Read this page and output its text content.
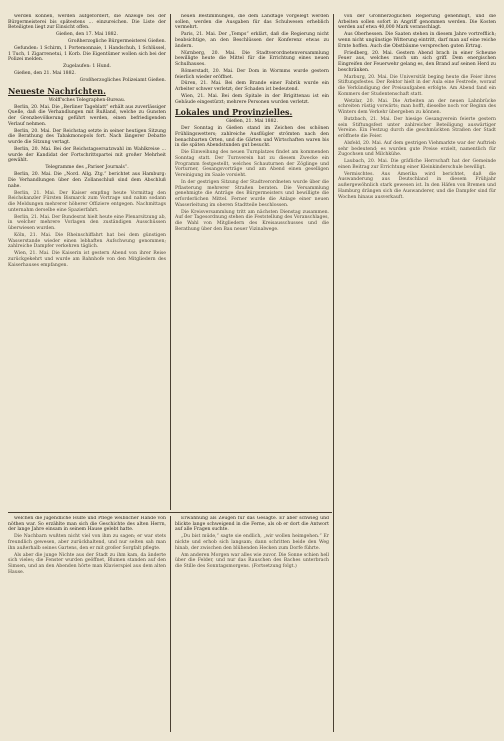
werden können, werden aufgefordert, die Anzeige bei der Bürgermeisterei bis spätestens ... einzureichen. Die Liste der Beteiligten liegt zur Einsicht offen.

Gießen, den 17. Mai 1882.

Großherzogliche Bürgermeisterei Gießen.

Gefunden: 1 Schirm, 1 Portemonnaie, 1 Handschuh, 1 Schlüssel, 1 Tuch, 1 Zigarrenetui, 1 Korb. Die Eigentümer wollen sich bei der Polizei melden.

Zugelaufen: 1 Hund.

Gießen, den 21. Mai 1882.

Großherzogliches Polizeiamt Gießen.

Neueste Nachrichten.

Wolff'sches Telegraphen-Bureau.

Berlin, 20. Mai. Die „Berliner Tageblatt“ erhält aus zuverlässiger Quelle, daß die Verhandlungen mit Rußland, welche zu Gunsten der Grenzbevölkerung geführt werden, einen befriedigenden Verlauf nehmen.

Berlin, 20. Mai. Der Reichstag setzte in seiner heutigen Sitzung die Berathung des Tabakmonopols fort. Nach längerer Debatte wurde die Sitzung vertagt.

Berlin, 20. Mai. Bei der Reichstagsersatzwahl im Wahlkreise ... wurde der Kandidat der Fortschrittspartei mit großer Mehrheit gewählt.

Telegramme des „Pariser Journals“.

Berlin, 20. Mai. Die „Nord. Allg. Ztg.“ berichtet aus Hamburg: Die Verhandlungen über den Zollanschluß sind dem Abschluß nahe.

Berlin, 21. Mai. Der Kaiser empfing heute Vormittag den Reichskanzler Fürsten Bismarck zum Vortrage und nahm sodann die Meldungen mehrerer höherer Offiziere entgegen. Nachmittags unternahm derselbe eine Spazierfahrt.

Berlin, 21. Mai. Der Bundesrat hielt heute eine Plenarsitzung ab, in welcher mehrere Vorlagen den zuständigen Ausschüssen überwiesen wurden.

Köln, 21. Mai. Die Rheinschiffahrt hat bei dem günstigen Wasserstande wieder einen lebhaften Aufschwung genommen; zahlreiche Dampfer verkehren täglich.

Wien, 21. Mai. Die Kaiserin ist gestern Abend von ihrer Reise zurückgekehrt und wurde am Bahnhofe von den Mitgliedern des Kaiserhauses empfangen.

neuen Bestimmungen, die dem Landtage vorgelegt werden sollen, werden die Ausgaben für das Schulwesen erheblich vermehrt.

Paris, 21. Mai. Der „Temps“ erklärt, daß die Regierung nicht beabsichtige, an den Beschlüssen der Konferenz etwas zu ändern.

Nürnberg, 20. Mai. Die Stadtverordnetenversammlung bewilligte heute die Mittel für die Errichtung eines neuen Schulhauses.

Römerstadt, 20. Mai. Der Dom in Wormms wurde gestern feierlich wieder eröffnet.

Düren, 21. Mai. Bei dem Brande einer Fabrik wurde ein Arbeiter schwer verletzt; der Schaden ist bedeutend.

Wien, 21. Mai. Bei dem Spitale in der Brigittenau ist ein Gebäude eingestürzt; mehrere Personen wurden verletzt.

Lokales und Provinzielles.

Gießen, 21. Mai 1882.

Der Sonntag in Gießen stand im Zeichen des schönen Frühlingswetters; zahlreiche Ausflügler strömten nach den benachbarten Orten, und die Gärten und Wirtschaften waren bis in die späten Abendstunden gut besucht.

Die Einweihung des neuen Turnplatzes findet am kommenden Sonntag statt. Der Turnverein hat zu diesem Zwecke ein Programm festgestellt, welches Schauturnen der Zöglinge und Vorturner, Gesangsvorträge und am Abend einen geselligen Vereinigung im Saale vorsieht.

In der gestrigen Sitzung der Stadtverordneten wurde über die Pflasterung mehrerer Straßen beraten. Die Versammlung genehmigte die Anträge des Bürgermeisters und bewilligte die erforderlichen Mittel. Ferner wurde die Anlage einer neuen Wasserleitung im oberen Stadtteile beschlossen.

Die Kreisversammlung tritt am nächsten Dienstag zusammen. Auf der Tagesordnung stehen die Feststellung des Voranschlages, die Wahl von Mitgliedern des Kreisausschusses und die Berathung über den Bau neuer Vizinalwege.

von der Großherzoglichen Regierung genehmigt, und die Arbeiten sollen sofort in Angriff genommen werden. Die Kosten werden auf etwa 40,000 Mark veranschlagt.

Aus Oberhessen. Die Saaten stehen in diesem Jahre vortrefflich; wenn nicht ungünstige Witterung eintritt, darf man auf eine reiche Ernte hoffen. Auch die Obstbäume versprechen guten Ertrag.

Friedberg, 20. Mai. Gestern Abend brach in einer Scheune Feuer aus, welches rasch um sich griff. Dem energischen Eingreifen der Feuerwehr gelang es, den Brand auf seinen Herd zu beschränken.

Marburg, 20. Mai. Die Universität beging heute die Feier ihres Stiftungsfestes. Der Rektor hielt in der Aula eine Festrede, worauf die Verkündigung der Preisaufgaben erfolgte. Am Abend fand ein Kommers der Studentenschaft statt.

Wetzlar, 20. Mai. Die Arbeiten an der neuen Lahnbrücke schreiten rüstig vorwärts; man hofft, dieselbe noch vor Beginn des Winters dem Verkehr übergeben zu können.

Butzbach, 21. Mai. Der hiesige Gesangverein feierte gestern sein Stiftungsfest unter zahlreicher Beteiligung auswärtiger Vereine. Ein Festzug durch die geschmückten Straßen der Stadt eröffnete die Feier.

Alsfeld, 20. Mai. Auf dem gestrigen Viehmarkte war der Auftrieb sehr bedeutend; es wurden gute Preise erzielt, namentlich für Zugochsen und Milchkühe.

Laubach, 20. Mai. Die gräfliche Herrschaft hat der Gemeinde einen Beitrag zur Errichtung einer Kleinkinderschule bewilligt.

Vermischtes. Aus Amerika wird berichtet, daß die Auswanderung aus Deutschland in diesem Frühjahr außergewöhnlich stark gewesen ist. In den Häfen von Bremen und Hamburg drängen sich die Auswanderer, und die Dampfer sind für Wochen hinaus ausverkauft.

welchen die jugendliche Hülfe und Pflege weiblicher Hände von nöthen war. So erzählte man sich die Geschichte des alten Herrn, der lange Jahre einsam in seinem Hause gelebt hatte.

Die Nachbarn wußten nicht viel von ihm zu sagen; er war stets freundlich gewesen, aber zurückhaltend, und nur selten sah man ihn außerhalb seines Gartens, den er mit großer Sorgfalt pflegte.

Als aber die junge Nichte aus der Stadt zu ihm kam, da änderte sich vieles; die Fenster wurden geöffnet, Blumen standen auf den Simsen, und an den Abenden hörte man Klavierspiel aus dem alten Hause.

Erwähnung als Zeugen für das Gesagte. Er aber schwieg und blickte lange schweigend in die Ferne, als ob er dort die Antwort auf alle Fragen suchte.

„Du bist müde,“ sagte sie endlich, „wir wollen heimgehen.“ Er nickte und erhob sich langsam; dann schritten beide den Weg hinab, der zwischen den blühenden Hecken zum Dorfe führte.

Am anderen Morgen war alles wie zuvor. Die Sonne schien hell über die Felder, und nur das Rauschen des Baches unterbrach die Stille des Sonntagsmorgens. (Fortsetzung folgt.)
